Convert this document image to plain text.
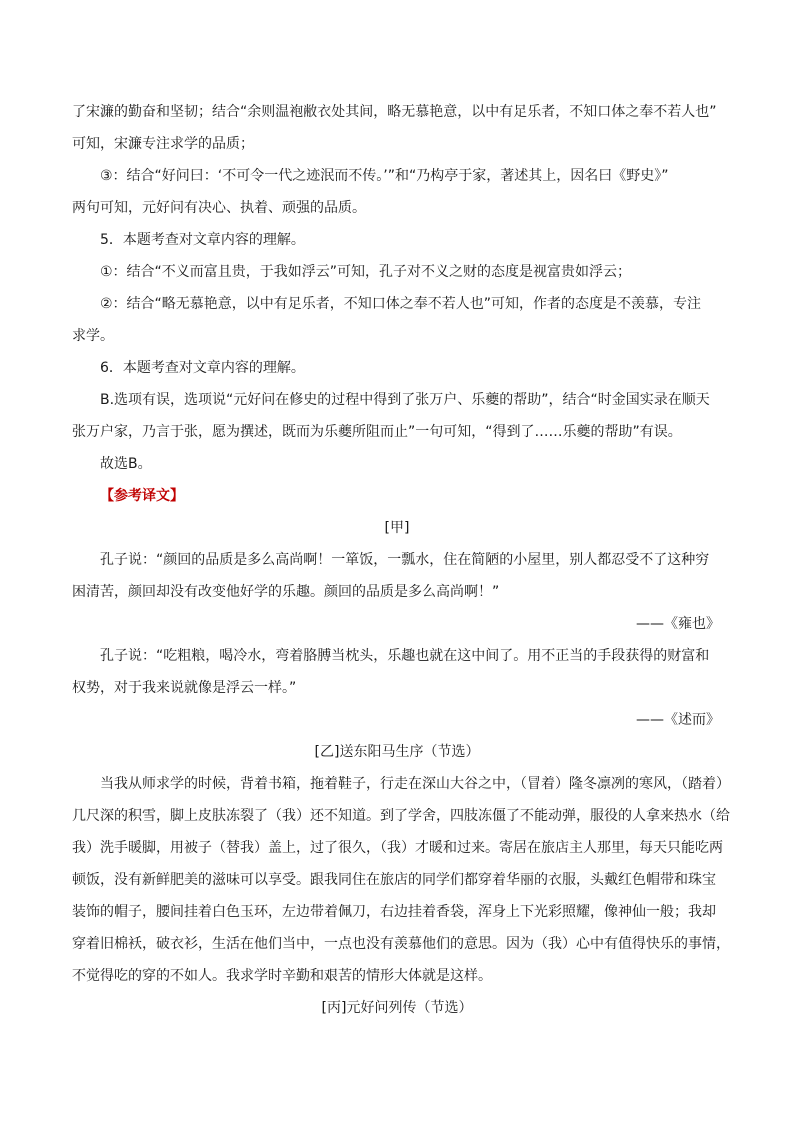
了宋濂的勤奋和坚韧；结合“余则温袍敝衣处其间，略无慕艳意，以中有足乐者，不知口体之奉不若人也”
可知，宋濂专注求学的品质；
③：结合“好问曰：‘不可令一代之迹泯而不传。’”和“乃构亭于家，著述其上，因名曰《野史》”
两句可知，元好问有决心、执着、顽强的品质。
5．本题考查对文章内容的理解。
①：结合“不义而富且贵，于我如浮云”可知，孔子对不义之财的态度是视富贵如浮云；
②：结合“略无慕艳意，以中有足乐者，不知口体之奉不若人也”可知，作者的态度是不羡慕，专注
求学。
6．本题考查对文章内容的理解。
B.选项有误，选项说“元好问在修史的过程中得到了张万户、乐夔的帮助”，结合“时金国实录在顺天
张万户家，乃言于张，愿为撰述，既而为乐夔所阻而止”一句可知，“得到了……乐夔的帮助”有误。
故选B。
【参考译文】
[甲]
孔子说：“颜回的品质是多么高尚啊！一箪饭，一瓢水，住在简陋的小屋里，别人都忍受不了这种穷
困清苦，颜回却没有改变他好学的乐趣。颜回的品质是多么高尚啊！”
——《雍也》
孔子说：“吃粗粮，喝冷水，弯着胳膊当枕头，乐趣也就在这中间了。用不正当的手段获得的财富和
权势，对于我来说就像是浮云一样。”
——《述而》
[乙]送东阳马生序（节选）
当我从师求学的时候，背着书箱，拖着鞋子，行走在深山大谷之中，（冒着）隆冬凛冽的寒风，（踏着）
几尺深的积雪，脚上皮肤冻裂了（我）还不知道。到了学舍，四肢冻僵了不能动弹，服役的人拿来热水（给
我）洗手暖脚，用被子（替我）盖上，过了很久，（我）才暖和过来。寄居在旅店主人那里，每天只能吃两
顿饭，没有新鲜肥美的滋味可以享受。跟我同住在旅店的同学们都穿着华丽的衣服，头戴红色帽带和珠宝
装饰的帽子，腰间挂着白色玉环，左边带着佩刀，右边挂着香袋，浑身上下光彩照耀，像神仙一般；我却
穿着旧棉袄，破衣衫，生活在他们当中，一点也没有羡慕他们的意思。因为（我）心中有值得快乐的事情，
不觉得吃的穿的不如人。我求学时辛勤和艰苦的情形大体就是这样。
[丙]元好问列传（节选）
